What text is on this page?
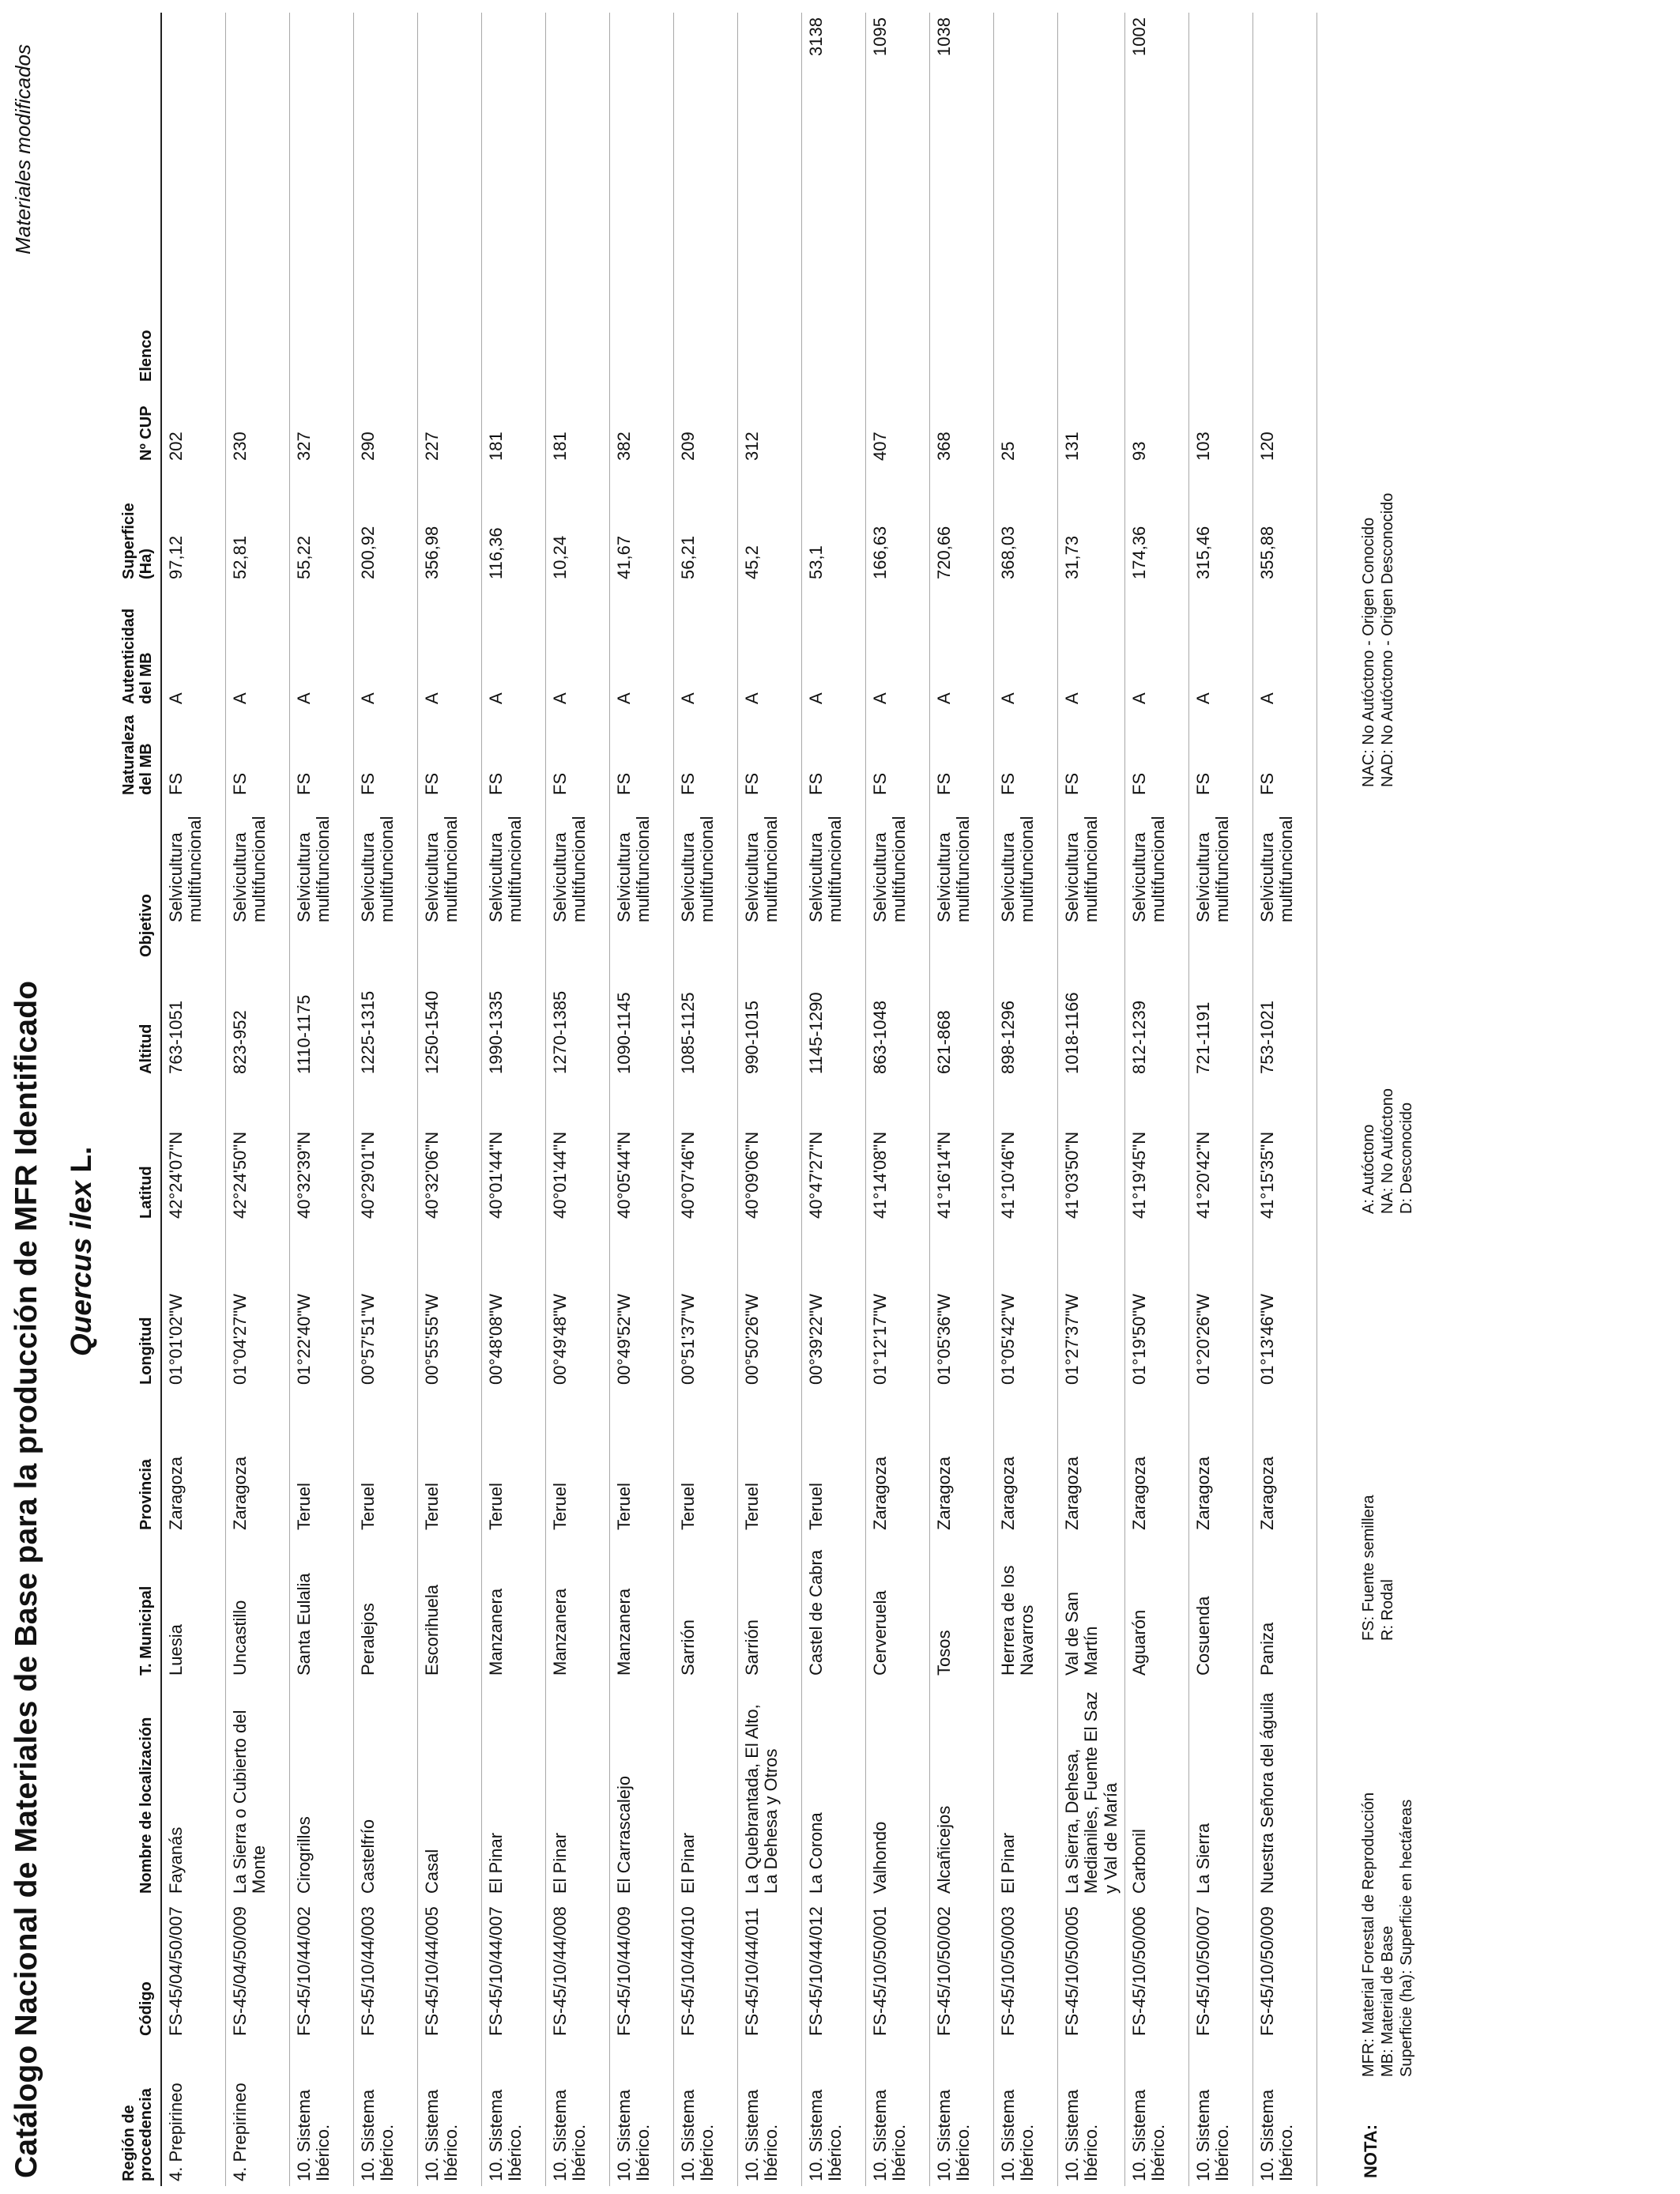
Catálogo Nacional de Materiales de Base para la producción de MFR Identificado
Materiales modificados
Quercus ilex L.
Región de procedencia	Código	Nombre de localización	T. Municipal	Provincia	Longitud	Latitud	Altitud	Objetivo	Naturaleza del MB	Autenticidad del MB	Superficie (Ha)	Nº CUP	Elenco
4. Prepirineo	FS-45/04/50/007	Fayanás	Luesia	Zaragoza	01°01'02"W	42°24'07"N	763-1051	Selvicultura multifuncional	FS	A	97,12	202	
4. Prepirineo	FS-45/04/50/009	La Sierra o Cubierto del Monte	Uncastillo	Zaragoza	01°04'27"W	42°24'50"N	823-952	Selvicultura multifuncional	FS	A	52,81	230	
10. Sistema Ibérico.	FS-45/10/44/002	Cirogrillos	Santa Eulalia	Teruel	01°22'40"W	40°32'39"N	1110-1175	Selvicultura multifuncional	FS	A	55,22	327	
10. Sistema Ibérico.	FS-45/10/44/003	Castelfrío	Peralejos	Teruel	00°57'51"W	40°29'01"N	1225-1315	Selvicultura multifuncional	FS	A	200,92	290	
10. Sistema Ibérico.	FS-45/10/44/005	Casal	Escorihuela	Teruel	00°55'55"W	40°32'06"N	1250-1540	Selvicultura multifuncional	FS	A	356,98	227	
10. Sistema Ibérico.	FS-45/10/44/007	El Pinar	Manzanera	Teruel	00°48'08"W	40°01'44"N	1990-1335	Selvicultura multifuncional	FS	A	116,36	181	
10. Sistema Ibérico.	FS-45/10/44/008	El Pinar	Manzanera	Teruel	00°49'48"W	40°01'44"N	1270-1385	Selvicultura multifuncional	FS	A	10,24	181	
10. Sistema Ibérico.	FS-45/10/44/009	El Carrascalejo	Manzanera	Teruel	00°49'52"W	40°05'44"N	1090-1145	Selvicultura multifuncional	FS	A	41,67	382	
10. Sistema Ibérico.	FS-45/10/44/010	El Pinar	Sarrión	Teruel	00°51'37"W	40°07'46"N	1085-1125	Selvicultura multifuncional	FS	A	56,21	209	
10. Sistema Ibérico.	FS-45/10/44/011	La Quebrantada, El Alto, La Dehesa y Otros	Sarrión	Teruel	00°50'26"W	40°09'06"N	990-1015	Selvicultura multifuncional	FS	A	45,2	312	
10. Sistema Ibérico.	FS-45/10/44/012	La Corona	Castel de Cabra	Teruel	00°39'22"W	40°47'27"N	1145-1290	Selvicultura multifuncional	FS	A	53,1		3138
10. Sistema Ibérico.	FS-45/10/50/001	Valhondo	Cerveruela	Zaragoza	01°12'17"W	41°14'08"N	863-1048	Selvicultura multifuncional	FS	A	166,63	407	1095
10. Sistema Ibérico.	FS-45/10/50/002	Alcañicejos	Tosos	Zaragoza	01°05'36"W	41°16'14"N	621-868	Selvicultura multifuncional	FS	A	720,66	368	1038
10. Sistema Ibérico.	FS-45/10/50/003	El Pinar	Herrera de los Navarros	Zaragoza	01°05'42"W	41°10'46"N	898-1296	Selvicultura multifuncional	FS	A	368,03	25	
10. Sistema Ibérico.	FS-45/10/50/005	La Sierra, Dehesa, Medianiles, Fuente El Saz y Val de María	Val de San Martín	Zaragoza	01°27'37"W	41°03'50"N	1018-1166	Selvicultura multifuncional	FS	A	31,73	131	
10. Sistema Ibérico.	FS-45/10/50/006	Carbonil	Aguarón	Zaragoza	01°19'50"W	41°19'45"N	812-1239	Selvicultura multifuncional	FS	A	174,36	93	1002
10. Sistema Ibérico.	FS-45/10/50/007	La Sierra	Cosuenda	Zaragoza	01°20'26"W	41°20'42"N	721-1191	Selvicultura multifuncional	FS	A	315,46	103	
10. Sistema Ibérico.	FS-45/10/50/009	Nuestra Señora del águila	Paniza	Zaragoza	01°13'46"W	41°15'35"N	753-1021	Selvicultura multifuncional	FS	A	355,88	120	
NOTA:
MFR: Material Forestal de Reproducción MB: Material de Base Superficie (ha): Superficie en hectáreas
FS: Fuente semillera R: Rodal
A: Autóctono NA: No Autóctono D: Desconocido
NAC: No Autóctono - Origen Conocido NAD: No Autóctono - Origen Desconocido
